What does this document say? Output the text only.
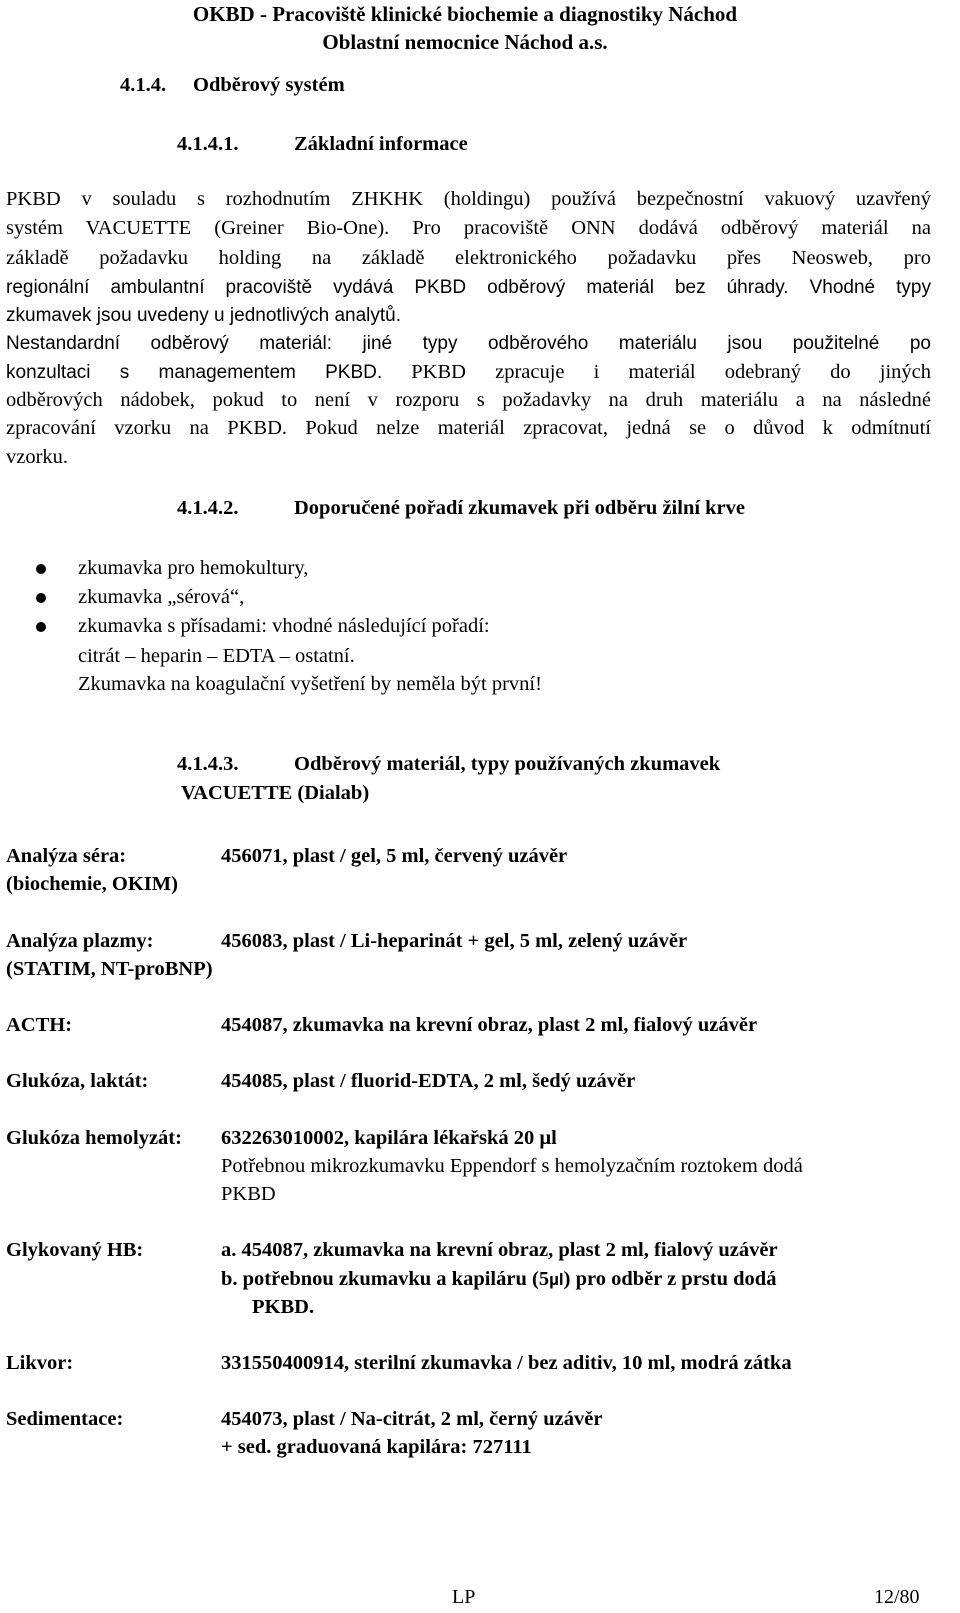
OKBD - Pracoviště klinické biochemie a diagnostiky Náchod
Oblastní nemocnice Náchod a.s.
4.1.4. Odběrový systém
4.1.4.1.	Základní informace
PKBD v souladu s rozhodnutím ZHKHK (holdingu) používá bezpečnostní vakuový uzavřený
systém VACUETTE (Greiner Bio-One). Pro pracoviště ONN dodává odběrový materiál na
základě požadavku holding na základě elektronického požadavku přes Neosweb, pro
regionální ambulantní pracoviště vydává PKBD odběrový materiál bez úhrady. Vhodné typy
zkumavek jsou uvedeny u jednotlivých analytů.
Nestandardní odběrový materiál: jiné typy odběrového materiálu jsou použitelné po
konzultaci s managementem PKBD. PKBD zpracuje i materiál odebraný do jiných
odběrových nádobek, pokud to není v rozporu s požadavky na druh materiálu a na následné
zpracování vzorku na PKBD. Pokud nelze materiál zpracovat, jedná se o důvod k odmítnutí
vzorku.
4.1.4.2.	Doporučené pořadí zkumavek při odběru žilní krve
zkumavka pro hemokultury,
zkumavka „sérová“,
zkumavka s přísadami: vhodné následující pořadí:
citrát – heparin – EDTA – ostatní.
Zkumavka na koagulační vyšetření by neměla být první!
4.1.4.3.	Odběrový materiál, typy používaných zkumavek
VACUETTE (Dialab)
Analýza séra:	456071, plast / gel, 5 ml, červený uzávěr
(biochemie, OKIM)
Analýza plazmy:	456083, plast / Li-heparinát + gel, 5 ml, zelený uzávěr
(STATIM, NT-proBNP)
ACTH:	454087, zkumavka na krevní obraz, plast 2 ml, fialový uzávěr
Glukóza, laktát:	454085, plast / fluorid-EDTA, 2 ml, šedý uzávěr
Glukóza hemolyzát: 632263010002, kapilára lékařská 20 µl
Potřebnou mikrozkumavku Eppendorf s hemolyzačním roztokem dodá
PKBD
Glykovaný HB:	a. 454087, zkumavka na krevní obraz, plast 2 ml, fialový uzávěr
b. potřebnou zkumavku a kapiláru (5µl) pro odběr z prstu dodá
PKBD.
Likvor:	331550400914, sterilní zkumavka / bez aditiv, 10 ml, modrá zátka
Sedimentace:	454073, plast / Na-citrát, 2 ml, černý uzávěr
+ sed. graduovaná kapilára: 727111
LP	12/80
